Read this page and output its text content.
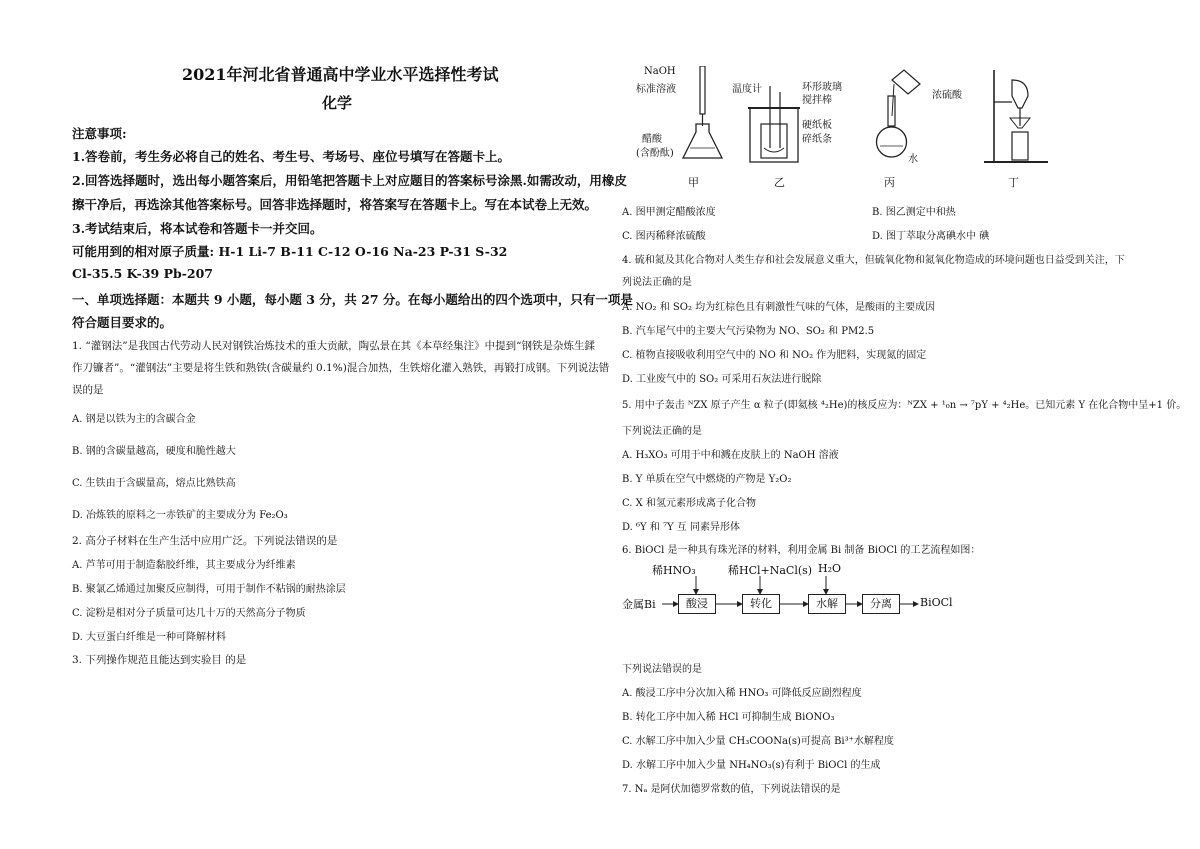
2021年河北省普通高中学业水平选择性考试
化学
注意事项:
1.答卷前，考生务必将自己的姓名、考生号、考场号、座位号填写在答题卡上。
2.回答选择题时，选出每小题答案后，用铅笔把答题卡上对应题目的答案标号涂黑.如需改动，用橡皮
擦干净后，再选涂其他答案标号。回答非选择题时，将答案写在答题卡上。写在本试卷上无效。
3.考试结束后，将本试卷和答题卡一并交回。
可能用到的相对原子质量: H-1 Li-7 B-11 C-12 O-16 Na-23 P-31 S-32
Cl-35.5 K-39 Pb-207
一、单项选择题：本题共 9 小题，每小题 3 分，共 27 分。在每小题给出的四个选项中，只有一项是
符合题目要求的。
1. “灌钢法”是我国古代劳动人民对钢铁冶炼技术的重大贡献，陶弘景在其《本草经集注》中提到“钢铁是杂炼生鍒
作刀镰者”。“灌钢法”主要是将生铁和熟铁(含碳量约 0.1%)混合加热，生铁熔化灌入熟铁，再锻打成钢。下列说法错
误的是
A. 钢是以铁为主的含碳合金
B. 钢的含碳量越高，硬度和脆性越大
C. 生铁由于含碳量高，熔点比熟铁高
D. 冶炼铁的原料之一赤铁矿的主要成分为 Fe₂O₃
2. 高分子材料在生产生活中应用广泛。下列说法错误的是
A. 芦苇可用于制造黏胶纤维，其主要成分为纤维素
B. 聚氯乙烯通过加聚反应制得，可用于制作不粘锅的耐热涂层
C. 淀粉是相对分子质量可达几十万的天然高分子物质
D. 大豆蛋白纤维是一种可降解材料
3. 下列操作规范且能达到实验目 的是
NaOH
标准溶液
醋酸
(含酚酞)
甲
温度计	环形玻璃
搅拌棒
硬纸板
碎纸条
乙
浓硫酸
水
丙	丁
A. 图甲测定醋酸浓度	B. 图乙测定中和热
C. 图丙稀释浓硫酸	D. 图丁萃取分离碘水中 碘
4. 硫和氮及其化合物对人类生存和社会发展意义重大，但硫氧化物和氮氧化物造成的环境问题也日益受到关注，下
列说法正确的是
A. NO₂ 和 SO₂ 均为红棕色且有刺激性气味的气体，是酸雨的主要成因
B. 汽车尾气中的主要大气污染物为 NO、SO₂ 和 PM2.5
C. 植物直接吸收利用空气中的 NO 和 NO₂ 作为肥料，实现氮的固定
D. 工业废气中的 SO₂ 可采用石灰法进行脱除
5. 用中子轰击 ᴺZX 原子产生 α 粒子(即氦核 ⁴₂He)的核反应为：ᴺZX + ¹₀n → ⁷pY + ⁴₂He。已知元素 Y 在化合物中呈+1 价。
下列说法正确的是
A. H₃XO₃ 可用于中和溅在皮肤上的 NaOH 溶液
B. Y 单质在空气中燃烧的产物是 Y₂O₂
C. X 和氢元素形成离子化合物
D. ⁶Y 和 ⁷Y 互 同素异形体
6. BiOCl 是一种具有珠光泽的材料，利用金属 Bi 制备 BiOCl 的工艺流程如图：
稀HNO₃	稀HCl+NaCl(s) H₂O
金属Bi	酸浸	转化	水解	分离	BiOCl
下列说法错误的是
A. 酸浸工序中分次加入稀 HNO₃ 可降低反应剧烈程度
B. 转化工序中加入稀 HCl 可抑制生成 BiONO₃
C. 水解工序中加入少量 CH₃COONa(s)可提高 Bi³⁺水解程度
D. 水解工序中加入少量 NH₄NO₃(s)有利于 BiOCl 的生成
7. Nₐ 是阿伏加德罗常数的值，下列说法错误的是
